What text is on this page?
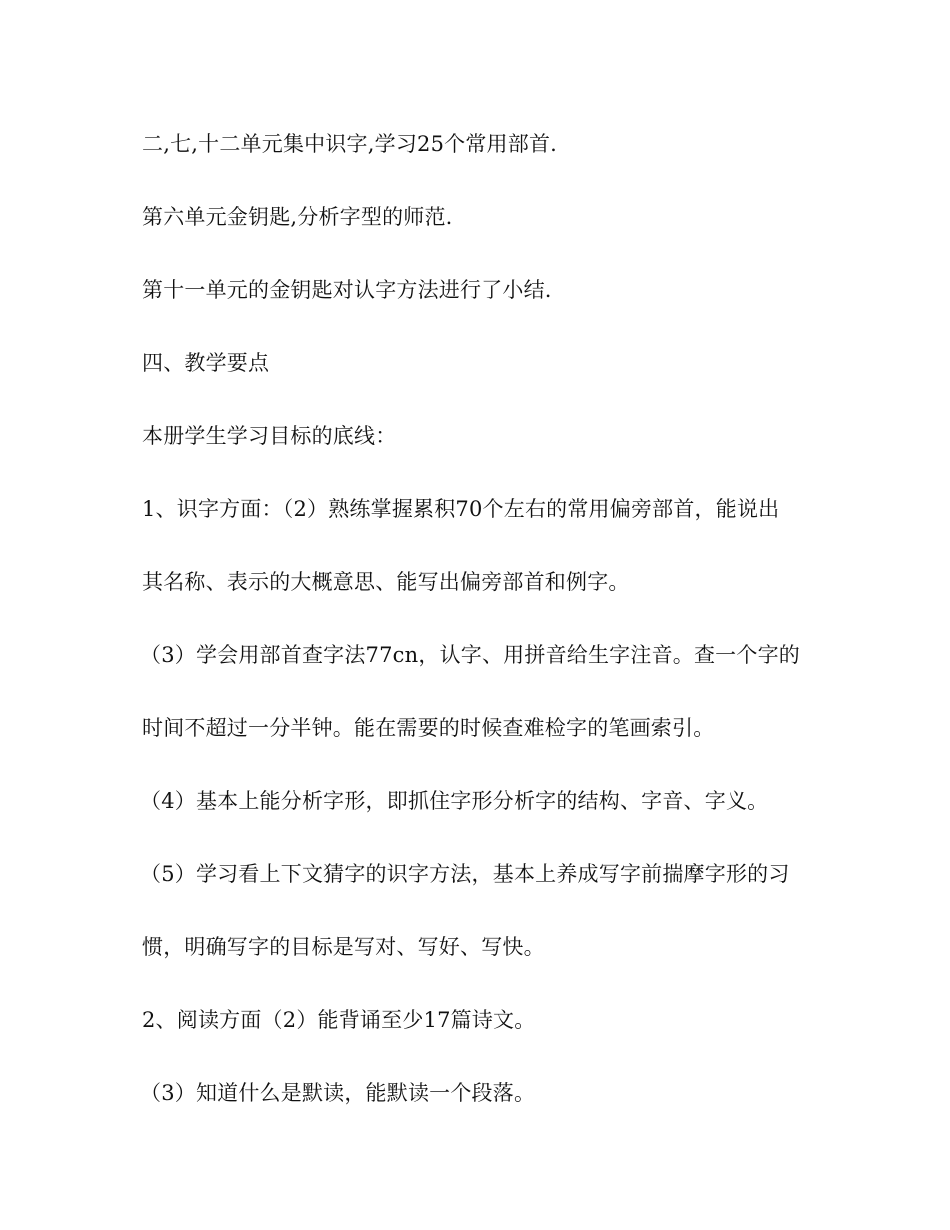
二,七,十二单元集中识字,学习25个常用部首.
第六单元金钥匙,分析字型的师范.
第十一单元的金钥匙对认字方法进行了小结.
四、教学要点
本册学生学习目标的底线：
1、识字方面：（2）熟练掌握累积70个左右的常用偏旁部首，能说出
其名称、表示的大概意思、能写出偏旁部首和例字。
（3）学会用部首查字法77cn，认字、用拼音给生字注音。查一个字的
时间不超过一分半钟。能在需要的时候查难检字的笔画索引。
（4）基本上能分析字形，即抓住字形分析字的结构、字音、字义。
（5）学习看上下文猜字的识字方法，基本上养成写字前揣摩字形的习
惯，明确写字的目标是写对、写好、写快。
2、阅读方面（2）能背诵至少17篇诗文。
（3）知道什么是默读，能默读一个段落。
